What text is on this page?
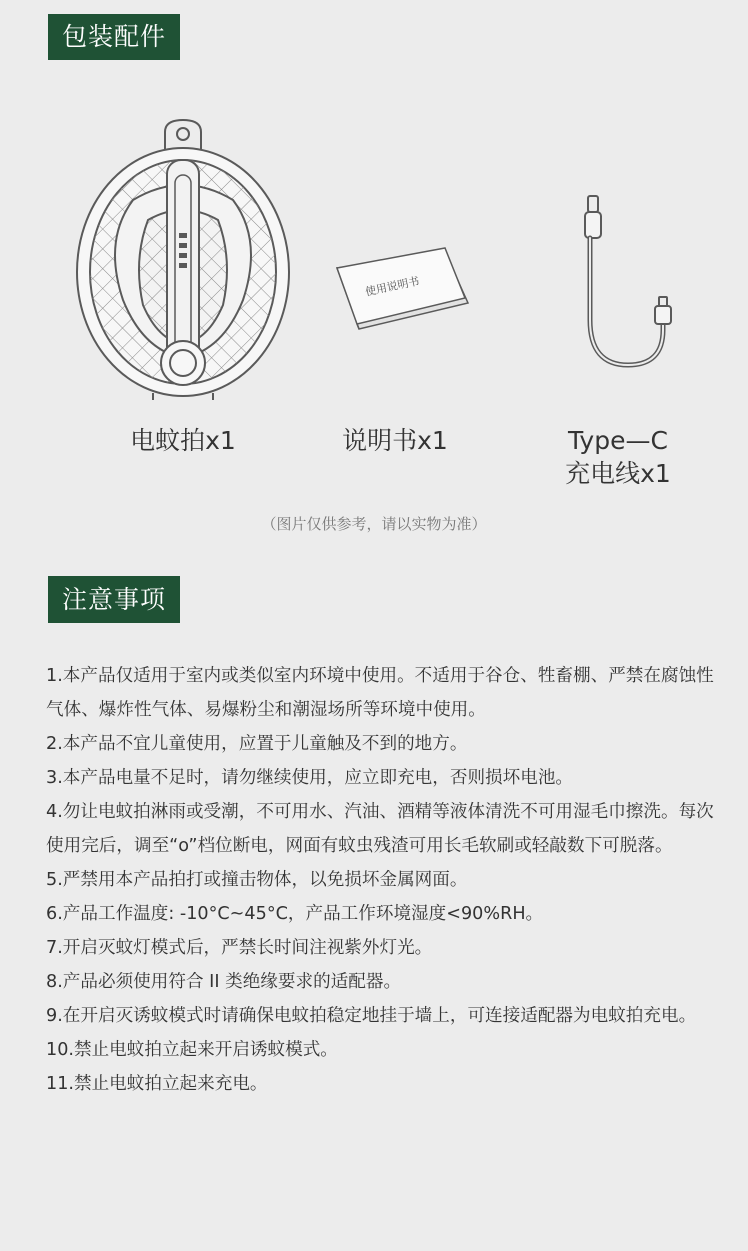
包装配件
电蚊拍x1
使用说明书
说明书x1	Type—C
充电线x1
（图片仅供参考，请以实物为准）
注意事项
1.本产品仅适用于室内或类似室内环境中使用。不适用于谷仓、牲畜棚、严禁在腐蚀性气体、爆炸性气体、易爆粉尘和潮湿场所等环境中使用。
2.本产品不宜儿童使用，应置于儿童触及不到的地方。
3.本产品电量不足时，请勿继续使用，应立即充电，否则损坏电池。
4.勿让电蚊拍淋雨或受潮，不可用水、汽油、酒精等液体清洗不可用湿毛巾擦洗。每次使用完后，调至“o”档位断电，网面有蚊虫残渣可用长毛软刷或轻敲数下可脱落。
5.严禁用本产品拍打或撞击物体，以免损坏金属网面。
6.产品工作温度: -10°C~45°C，产品工作环境湿度<90%RH。
7.开启灭蚊灯模式后，严禁长时间注视紫外灯光。
8.产品必须使用符合 II 类绝缘要求的适配器。
9.在开启灭诱蚊模式时请确保电蚊拍稳定地挂于墙上，可连接适配器为电蚊拍充电。
10.禁止电蚊拍立起来开启诱蚊模式。
11.禁止电蚊拍立起来充电。
